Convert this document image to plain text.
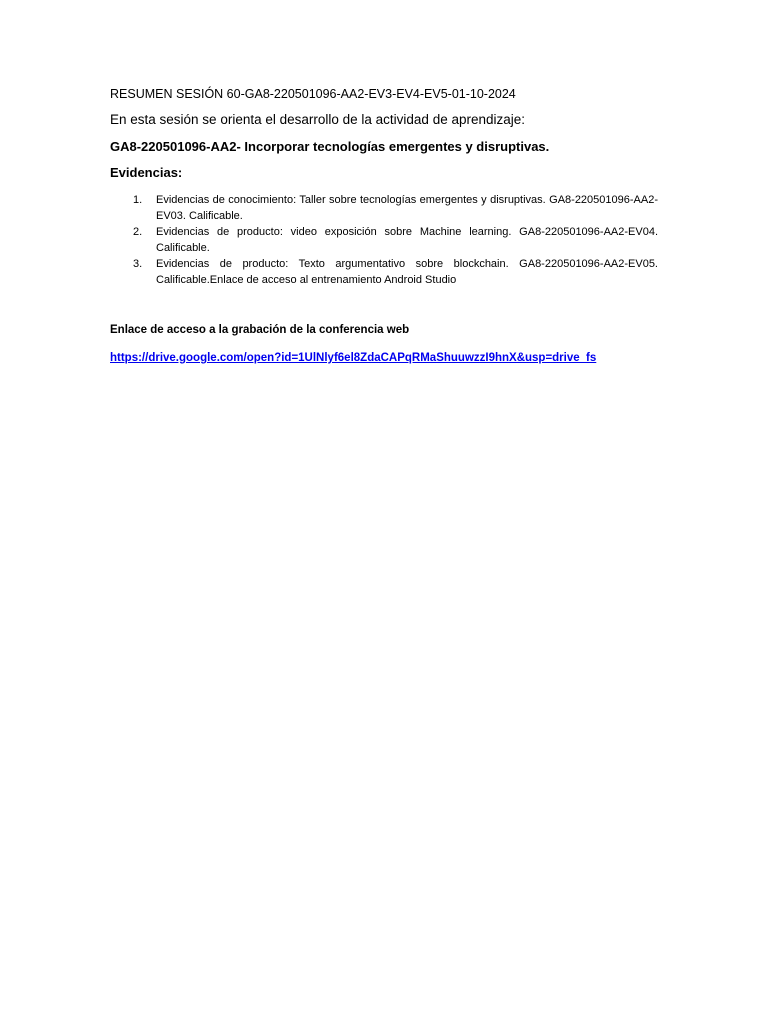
RESUMEN SESIÓN 60-GA8-220501096-AA2-EV3-EV4-EV5-01-10-2024

En esta sesión se orienta el desarrollo de la actividad de aprendizaje:

GA8-220501096-AA2- Incorporar tecnologías emergentes y disruptivas.

Evidencias:

1. Evidencias de conocimiento: Taller sobre tecnologías emergentes y disruptivas. GA8-220501096-AA2-EV03. Calificable.
2. Evidencias de producto: video exposición sobre Machine learning. GA8-220501096-AA2-EV04. Calificable.
3. Evidencias de producto: Texto argumentativo sobre blockchain. GA8-220501096-AA2-EV05. Calificable.Enlace de acceso al entrenamiento Android Studio

Enlace de acceso a la grabación de la conferencia web

https://drive.google.com/open?id=1UlNlyf6el8ZdaCAPqRMaShuuwzzI9hnX&usp=drive_fs
